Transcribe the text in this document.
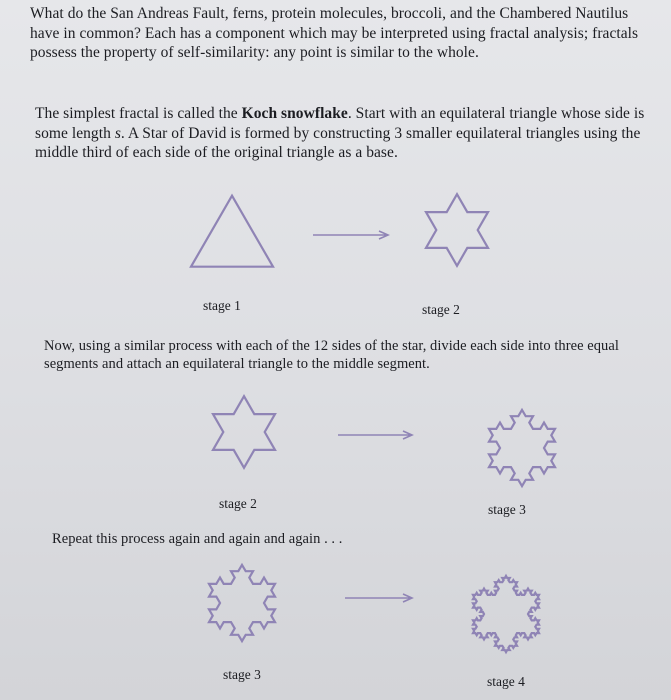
What do the San Andreas Fault, ferns, protein molecules, broccoli, and the Chambered Nautilus have in common? Each has a component which may be interpreted using fractal analysis; fractals possess the property of self-similarity: any point is similar to the whole.

The simplest fractal is called the Koch snowflake. Start with an equilateral triangle whose side is some length s. A Star of David is formed by constructing 3 smaller equilateral triangles using the middle third of each side of the original triangle as a base.

stage 1	stage 2

Now, using a similar process with each of the 12 sides of the star, divide each side into three equal segments and attach an equilateral triangle to the middle segment.

stage 2	stage 3

Repeat this process again and again and again . . .

stage 3	stage 4
